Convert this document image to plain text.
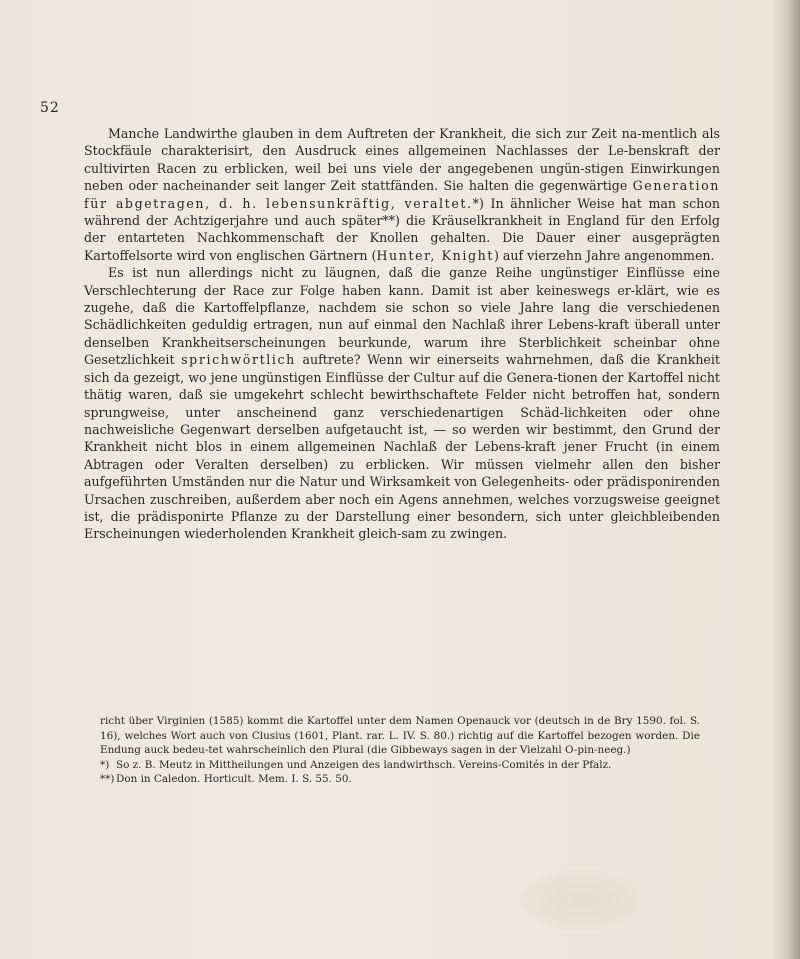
52

Manche Landwirthe glauben in dem Auftreten der Krankheit, die sich zur Zeit na-mentlich als Stockfäule charakterisirt, den Ausdruck eines allgemeinen Nachlasses der Le-benskraft der cultivirten Racen zu erblicken, weil bei uns viele der angegebenen ungün-stigen Einwirkungen neben oder nacheinander seit langer Zeit stattfänden. Sie halten die gegenwärtige Generation für abgetragen, d. h. lebensunkräftig, veraltet.*) In ähnlicher Weise hat man schon während der Achtzigerjahre und auch später**) die Kräuselkrankheit in England für den Erfolg der entarteten Nachkommenschaft der Knollen gehalten. Die Dauer einer ausgeprägten Kartoffelsorte wird von englischen Gärtnern (Hunter, Knight) auf vierzehn Jahre angenommen.

Es ist nun allerdings nicht zu läugnen, daß die ganze Reihe ungünstiger Einflüsse eine Verschlechterung der Race zur Folge haben kann. Damit ist aber keineswegs er-klärt, wie es zugehe, daß die Kartoffelpflanze, nachdem sie schon so viele Jahre lang die verschiedenen Schädlichkeiten geduldig ertragen, nun auf einmal den Nachlaß ihrer Lebens-kraft überall unter denselben Krankheitserscheinungen beurkunde, warum ihre Sterblichkeit scheinbar ohne Gesetzlichkeit sprichwörtlich auftrete? Wenn wir einerseits wahrnehmen, daß die Krankheit sich da gezeigt, wo jene ungünstigen Einflüsse der Cultur auf die Genera-tionen der Kartoffel nicht thätig waren, daß sie umgekehrt schlecht bewirthschaftete Felder nicht betroffen hat, sondern sprungweise, unter anscheinend ganz verschiedenartigen Schäd-lichkeiten oder ohne nachweisliche Gegenwart derselben aufgetaucht ist, — so werden wir bestimmt, den Grund der Krankheit nicht blos in einem allgemeinen Nachlaß der Lebens-kraft jener Frucht (in einem Abtragen oder Veralten derselben) zu erblicken. Wir müssen vielmehr allen den bisher aufgeführten Umständen nur die Natur und Wirksamkeit von Gelegenheits- oder prädisponirenden Ursachen zuschreiben, außerdem aber noch ein Agens annehmen, welches vorzugsweise geeignet ist, die prädisponirte Pflanze zu der Darstellung einer besondern, sich unter gleichbleibenden Erscheinungen wiederholenden Krankheit gleich-sam zu zwingen.

richt über Virginien (1585) kommt die Kartoffel unter dem Namen Openauck vor (deutsch in de Bry 1590. fol. S. 16), welches Wort auch von Clusius (1601, Plant. rar. L. IV. S. 80.) richtig auf die Kartoffel bezogen worden. Die Endung auck bedeu-tet wahrscheinlich den Plural (die Gibbeways sagen in der Vielzahl O-pin-neeg.)

*) So z. B. Meutz in Mittheilungen und Anzeigen des landwirthsch. Vereins-Comités in der Pfalz.

**) Don in Caledon. Horticult. Mem. I. S. 55. 50.
